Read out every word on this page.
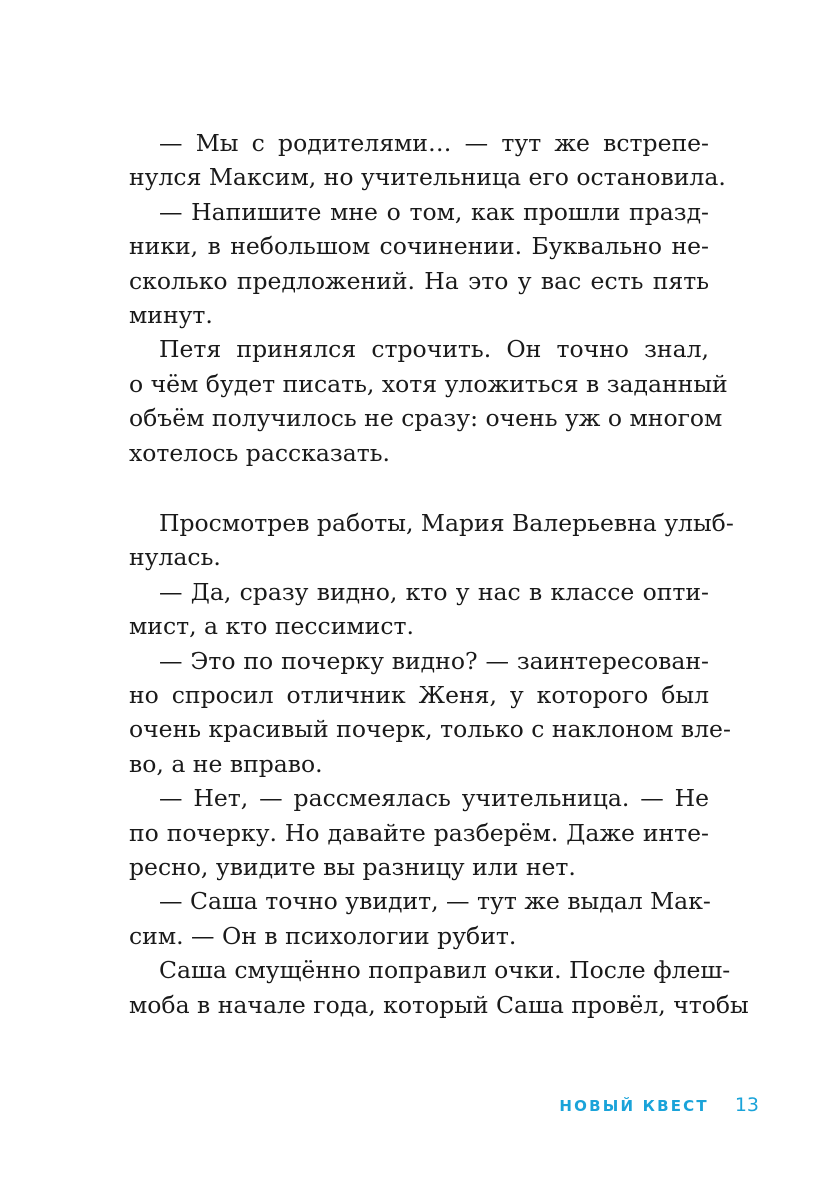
— Мы с родителями… — тут же встрепе-
нулся Максим, но учительница его остановила.
— Напишите мне о том, как прошли празд-
ники, в небольшом сочинении. Буквально не-
сколько предложений. На это у вас есть пять
минут.
Петя принялся строчить. Он точно знал,
о чём будет писать, хотя уложиться в заданный
объём получилось не сразу: очень уж о многом
хотелось рассказать.
Просмотрев работы, Мария Валерьевна улыб-
нулась.
— Да, сразу видно, кто у нас в классе опти-
мист, а кто пессимист.
— Это по почерку видно? — заинтересован-
но спросил отличник Женя, у которого был
очень красивый почерк, только с наклоном вле-
во, а не вправо.
— Нет, — рассмеялась учительница. — Не
по почерку. Но давайте разберём. Даже инте-
ресно, увидите вы разницу или нет.
— Саша точно увидит, — тут же выдал Мак-
сим. — Он в психологии рубит.
Саша смущённо поправил очки. После флеш-
моба в начале года, который Саша провёл, чтобы
НОВЫЙ КВЕСТ 13
